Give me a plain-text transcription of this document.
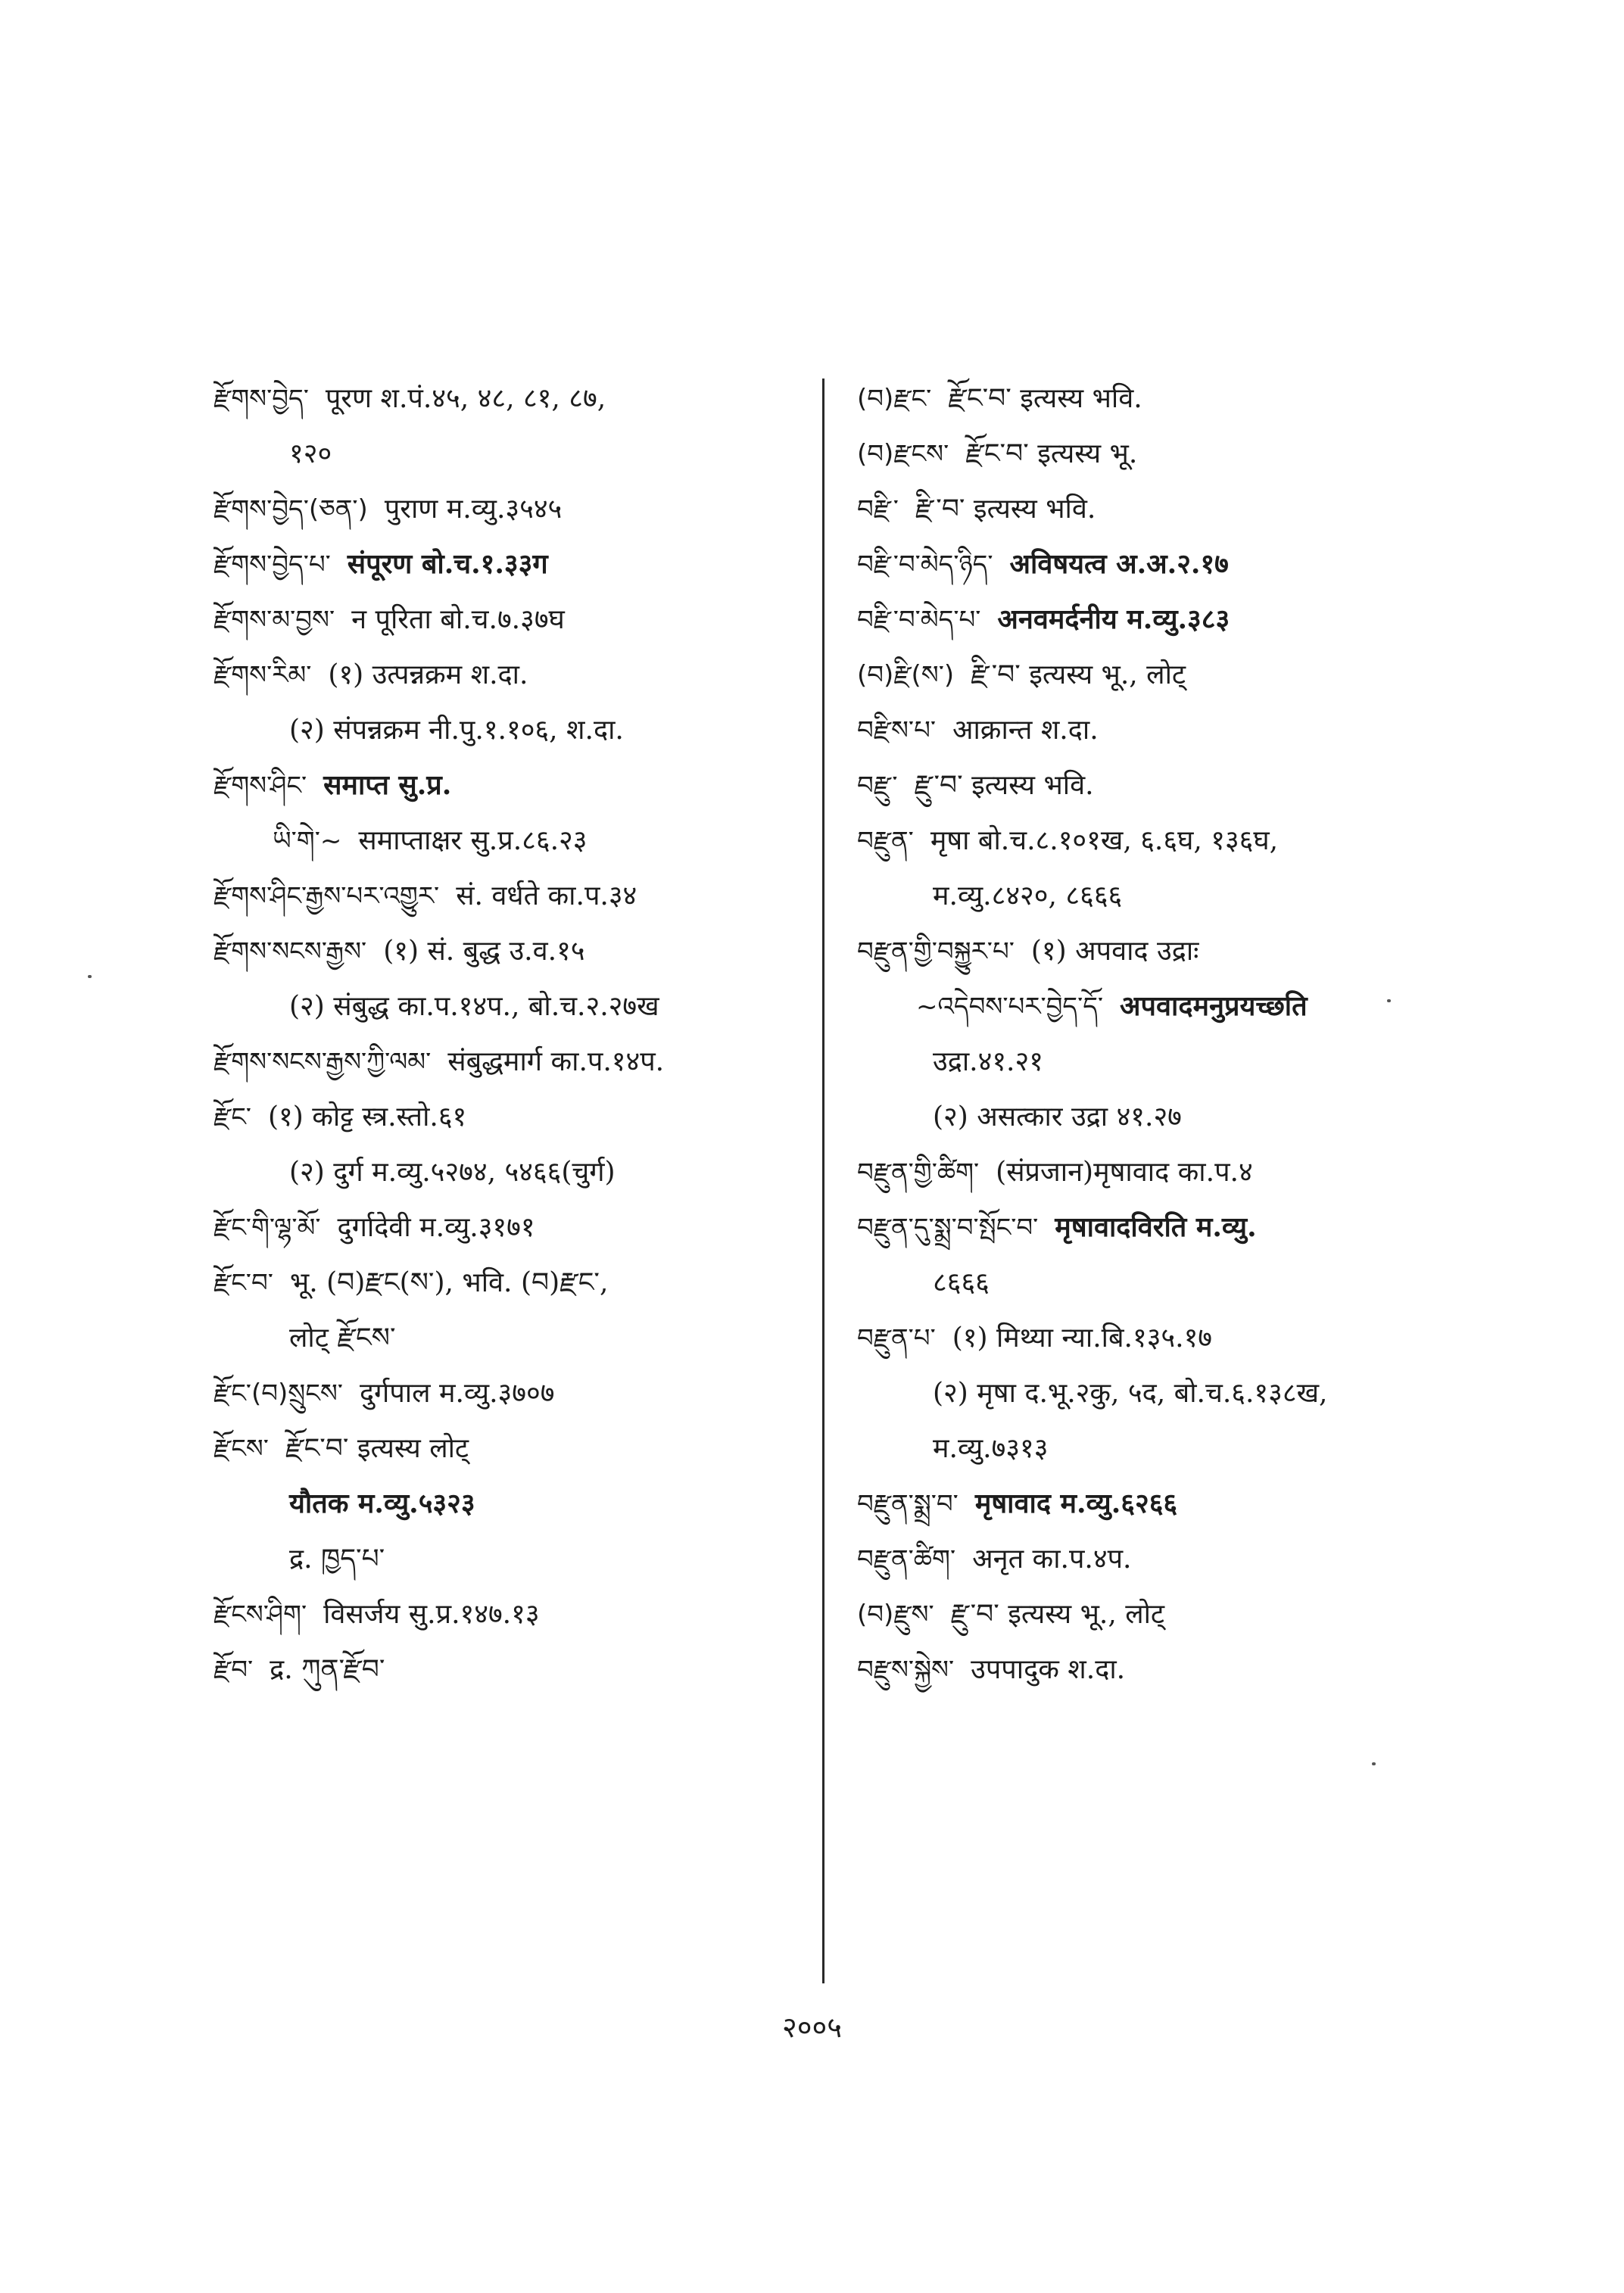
རྫོགས་བྱེད་ पूरण श.पं.४५, ४८, ८१, ८७,
१२०
རྫོགས་བྱེད་(ཅན་) पुराण म.व्यु.३५४५
རྫོགས་བྱེད་པ་ संपूरण बो.च.१.३३ग
རྫོགས་མ་བྱས་ न पूरिता बो.च.७.३७घ
རྫོགས་རིམ་ (१) उत्पन्नक्रम श.दा.
(२) संपन्नक्रम नी.पु.१.१०६, श.दा.
རྫོགས་ཤིང་ समाप्त सु.प्र.
ཡི་གེ་~ समाप्ताक्षर सु.प्र.८६.२३
རྫོགས་ཤིང་རྒྱས་པར་འགྱུར་ सं. वर्धते का.प.३४
རྫོགས་སངས་རྒྱས་ (१) सं. बुद्ध उ.व.१५
(२) संबुद्ध का.प.१४प., बो.च.२.२७ख
རྫོགས་སངས་རྒྱས་ཀྱི་ལམ་ संबुद्धमार्ग का.प.१४प.
རྫོང་ (१) कोट्ट स्त्र.स्तो.६१
(२) दुर्ग म.व्यु.५२७४, ५४६६(चुर्ग)
རྫོང་གི་ལྷ་མོ་ दुर्गादेवी म.व्यु.३१७१
རྫོང་བ་ भू. (བ)རྫང(ས་), भवि. (བ)རྫང་,
लोट् རྫོངས་
རྫོང་(བ)སྲུངས་ दुर्गपाल म.व्यु.३७०७
རྫོངས་ རྫོང་བ་ इत्यस्य लोट्
यौतक म.व्यु.५३२३
द्र. ཁྱད་པ་
རྫོངས་ཤིག་ विसर्जय सु.प्र.१४७.१३
རྫོབ་ द्र. ཀུན་རྫོབ་
(བ)རྫང་ རྫོང་བ་ इत्यस्य भवि.
(བ)རྫངས་ རྫོང་བ་ इत्यस्य भू.
བརྫི་ རྫི་བ་ इत्यस्य भवि.
བརྫི་བ་མེད་ཉིད་ अविषयत्व अ.अ.२.१७
བརྫི་བ་མེད་པ་ अनवमर्दनीय म.व्यु.३८३
(བ)རྫི(ས་) རྫི་བ་ इत्यस्य भू., लोट्
བརྫིས་པ་ आक्रान्त श.दा.
བརྫུ་ རྫུ་བ་ इत्यस्य भवि.
བརྫུན་ मृषा बो.च.८.१०१ख, ६.६घ, १३६घ,
म.व्यु.८४२०, ८६६६
བརྫུན་གྱི་བསྐྱུར་པ་ (१) अपवाद उद्राः
~འདེབས་པར་བྱེད་དོ་ अपवादमनुप्रयच्छति
उद्रा.४१.२१
(२) असत्कार उद्रा ४१.२७
བརྫུན་གྱི་ཚིག་ (संप्रजान)मृषावाद का.प.४
བརྫུན་དུ་སྨྲ་བ་སྤོང་བ་ मृषावादविरति म.व्यु.
८६६६
བརྫུན་པ་ (१) मिथ्या न्या.बि.१३५.१७
(२) मृषा द.भू.२कु, ५द, बो.च.६.१३८ख,
म.व्यु.७३१३
བརྫུན་སྨྲ་བ་ मृषावाद म.व्यु.६२६६
བརྫུན་ཚིག་ अनृत का.प.४प.
(བ)རྫུས་ རྫུ་བ་ इत्यस्य भू., लोट्
བརྫུས་སྐྱེས་ उपपादुक श.दा.
२००५
